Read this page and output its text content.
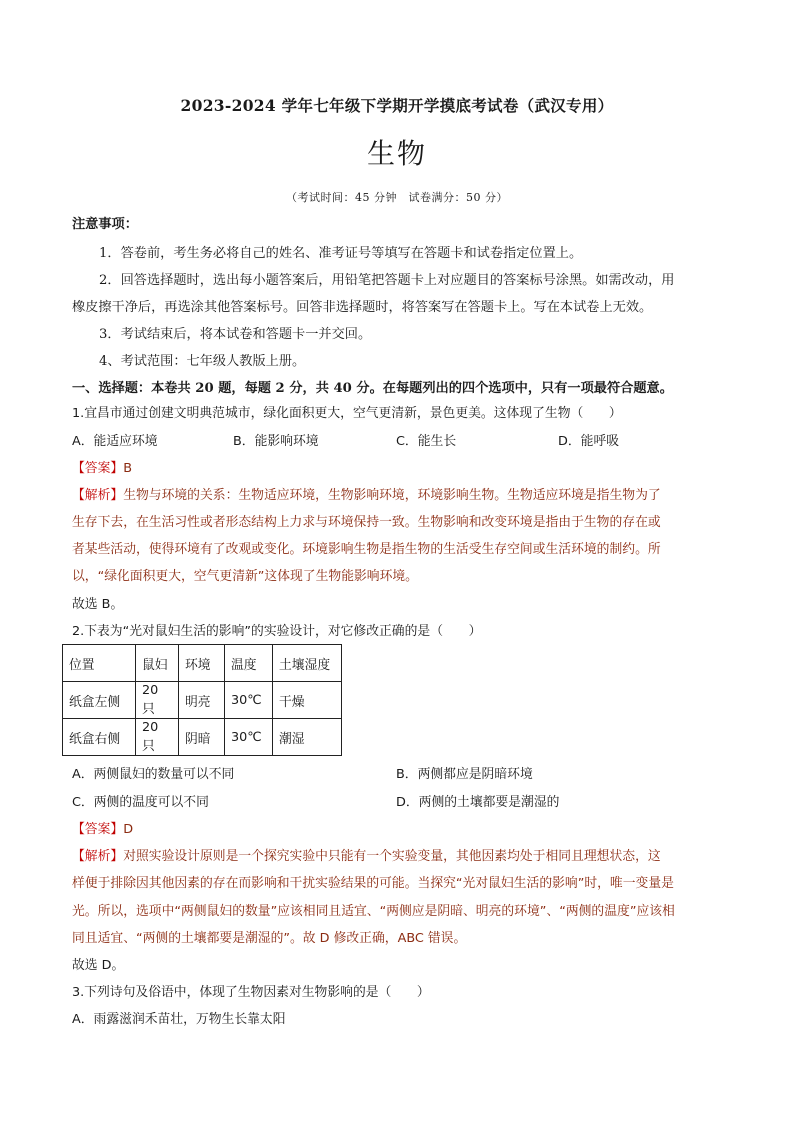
2023-2024 学年七年级下学期开学摸底考试卷（武汉专用）
生物
（考试时间：45 分钟　试卷满分：50 分）
注意事项：
1．答卷前，考生务必将自己的姓名、准考证号等填写在答题卡和试卷指定位置上。
2．回答选择题时，选出每小题答案后，用铅笔把答题卡上对应题目的答案标号涂黑。如需改动，用
橡皮擦干净后，再选涂其他答案标号。回答非选择题时，将答案写在答题卡上。写在本试卷上无效。
3．考试结束后，将本试卷和答题卡一并交回。
4、考试范围：七年级人教版上册。
一、选择题：本卷共 20 题，每题 2 分，共 40 分。在每题列出的四个选项中，只有一项最符合题意。
1.宜昌市通过创建文明典范城市，绿化面积更大，空气更清新，景色更美。这体现了生物（　　）
A．能适应环境	B．能影响环境	C．能生长	D．能呼吸
【答案】B
【解析】生物与环境的关系：生物适应环境，生物影响环境，环境影响生物。生物适应环境是指生物为了
生存下去，在生活习性或者形态结构上力求与环境保持一致。生物影响和改变环境是指由于生物的存在或
者某些活动，使得环境有了改观或变化。环境影响生物是指生物的生活受生存空间或生活环境的制约。所
以，“绿化面积更大，空气更清新”这体现了生物能影响环境。
故选 B。
2.下表为“光对鼠妇生活的影响”的实验设计，对它修改正确的是（　　）
位置	鼠妇	环境	温度	土壤湿度
纸盒左侧	20 只	明亮	30℃	干燥
纸盒右侧	20 只	阴暗	30℃	潮湿
A．两侧鼠妇的数量可以不同	B．两侧都应是阴暗环境
C．两侧的温度可以不同	D．两侧的土壤都要是潮湿的
【答案】D
【解析】对照实验设计原则是一个探究实验中只能有一个实验变量，其他因素均处于相同且理想状态，这
样便于排除因其他因素的存在而影响和干扰实验结果的可能。当探究“光对鼠妇生活的影响”时，唯一变量是
光。所以，选项中“两侧鼠妇的数量”应该相同且适宜、“两侧应是阴暗、明亮的环境”、“两侧的温度”应该相
同且适宜、“两侧的土壤都要是潮湿的”。故 D 修改正确，ABC 错误。
故选 D。
3.下列诗句及俗语中，体现了生物因素对生物影响的是（　　）
A．雨露滋润禾苗壮，万物生长靠太阳
